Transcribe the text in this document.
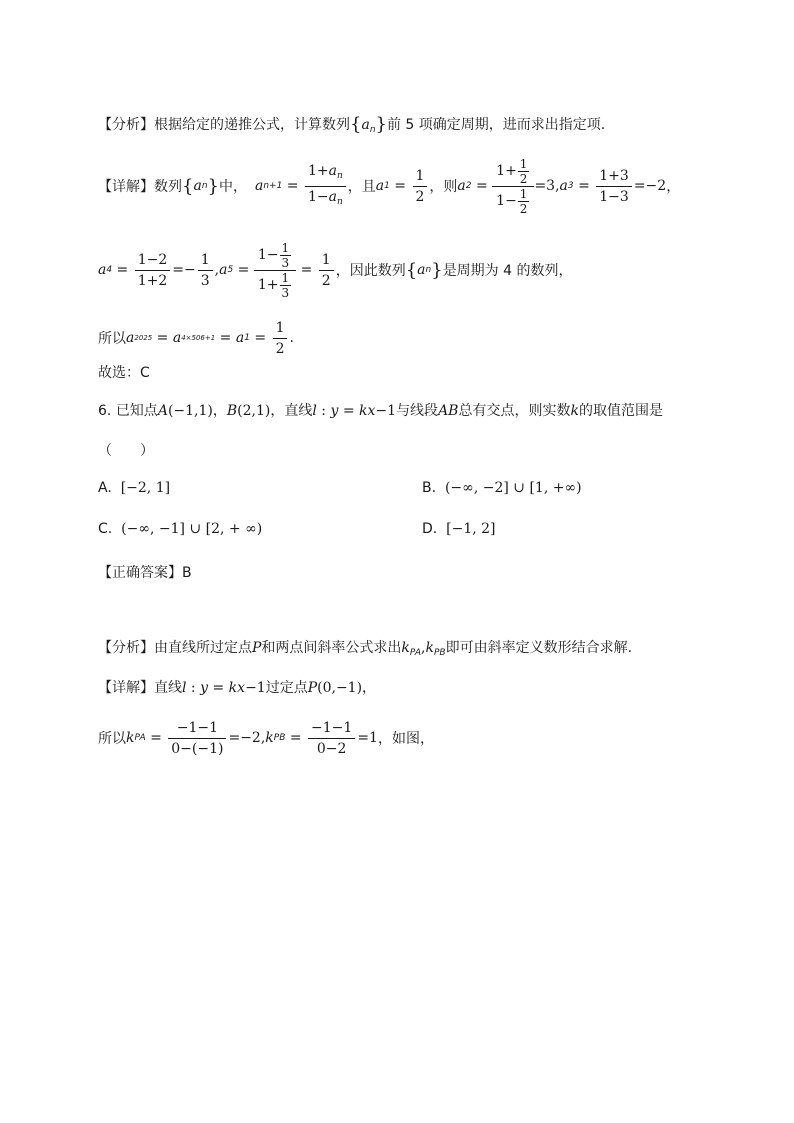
【分析】根据给定的递推公式，计算数列$\{a_n\}$前 5 项确定周期，进而求出指定项.
【详解】 数列 { a n } 中， a $n+1 = \frac{1+a_n}{1-a_n}$ ，且 a $1 = \frac{1}{2}$ ，则 a 2 = 1+ 1
2
1− 1
2 =3, a $3 = \frac{1+3}{1-3} =-2$ ，
a $4 = \frac{1-2}{1+2} =- \frac{1}{3}$ , a 5 = 1− 1
3
1+ 1
$3 = \frac{1}{2}$ ，因此数列 { a n } 是周期为 4 的数列，
所以 a 2025 = a 4×506+1 = a $1 = \frac{1}{2}$ .
故选：C
6. 已知点A(−1,1)，B(2,1)，直线l : y = kx−1与线段AB总有交点，则实数k的取值范围是
（　　）
A. [−2, 1]	B. (−∞, −2] ∪ [1, +∞)
C. (−∞, −1] ∪ [2, + ∞)	D. [−1, 2]
【正确答案】B
【分析】由直线所过定点P和两点间斜率公式求出$k_{PA},k_{PB}$即可由斜率定义数形结合求解.
【详解】直线l : y = kx−1过定点P(0,−1)，
所以 k PA = $\frac{-1-1}{0-(-1)} =-2$, k PB = $\frac{-1-1}{0-2} =1$ ，如图，
